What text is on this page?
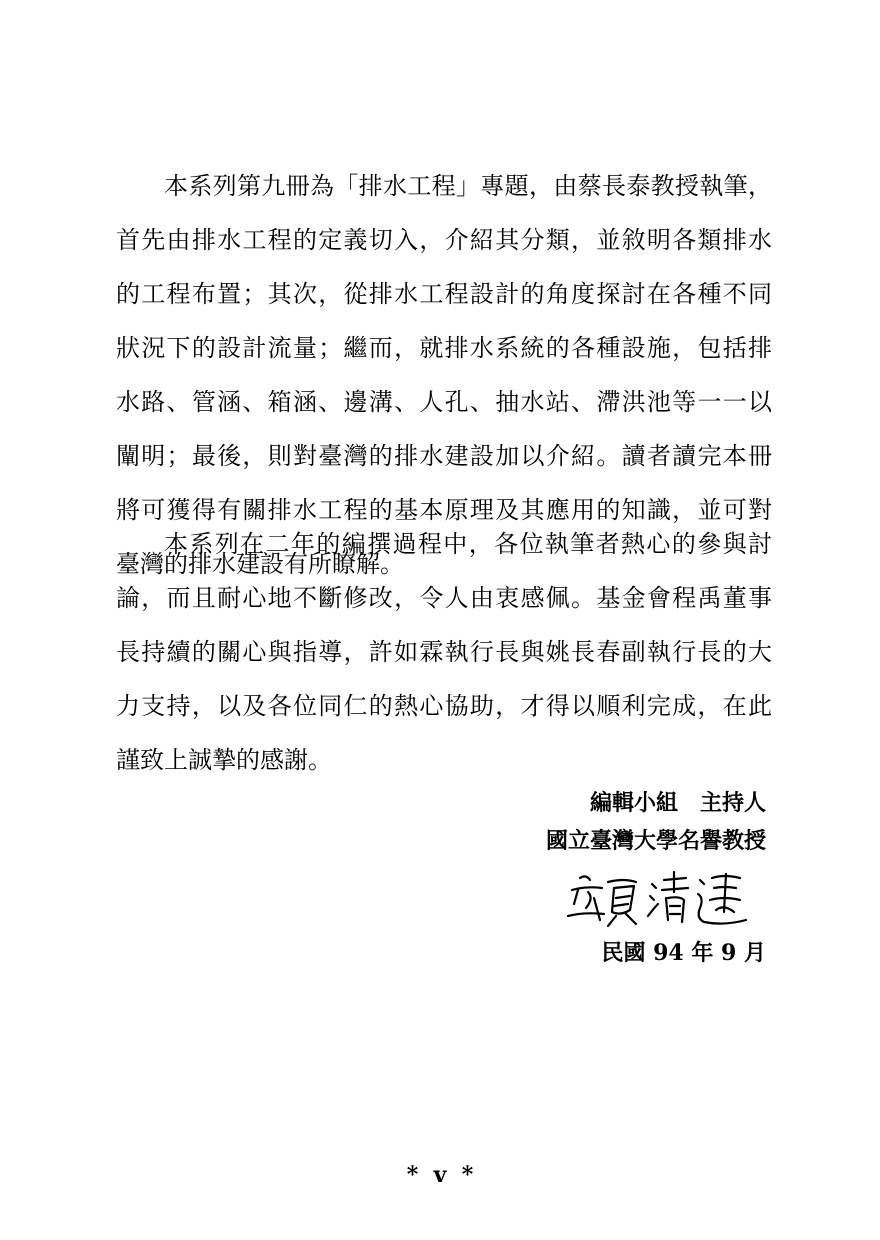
本系列第九冊為「排水工程」專題，由蔡長泰教授執筆，
首先由排水工程的定義切入，介紹其分類，並敘明各類排水
的工程布置；其次，從排水工程設計的角度探討在各種不同
狀況下的設計流量；繼而，就排水系統的各種設施，包括排
水路、管涵、箱涵、邊溝、人孔、抽水站、滯洪池等一一以
闡明；最後，則對臺灣的排水建設加以介紹。讀者讀完本冊
將可獲得有關排水工程的基本原理及其應用的知識，並可對
臺灣的排水建設有所瞭解。
本系列在二年的編撰過程中，各位執筆者熱心的參與討
論，而且耐心地不斷修改，令人由衷感佩。基金會程禹董事
長持續的關心與指導，許如霖執行長與姚長春副執行長的大
力支持，以及各位同仁的熱心協助，才得以順利完成，在此
謹致上誠摯的感謝。
編輯小組　主持人
國立臺灣大學名譽教授
民國 94 年 9 月
*  v  *
